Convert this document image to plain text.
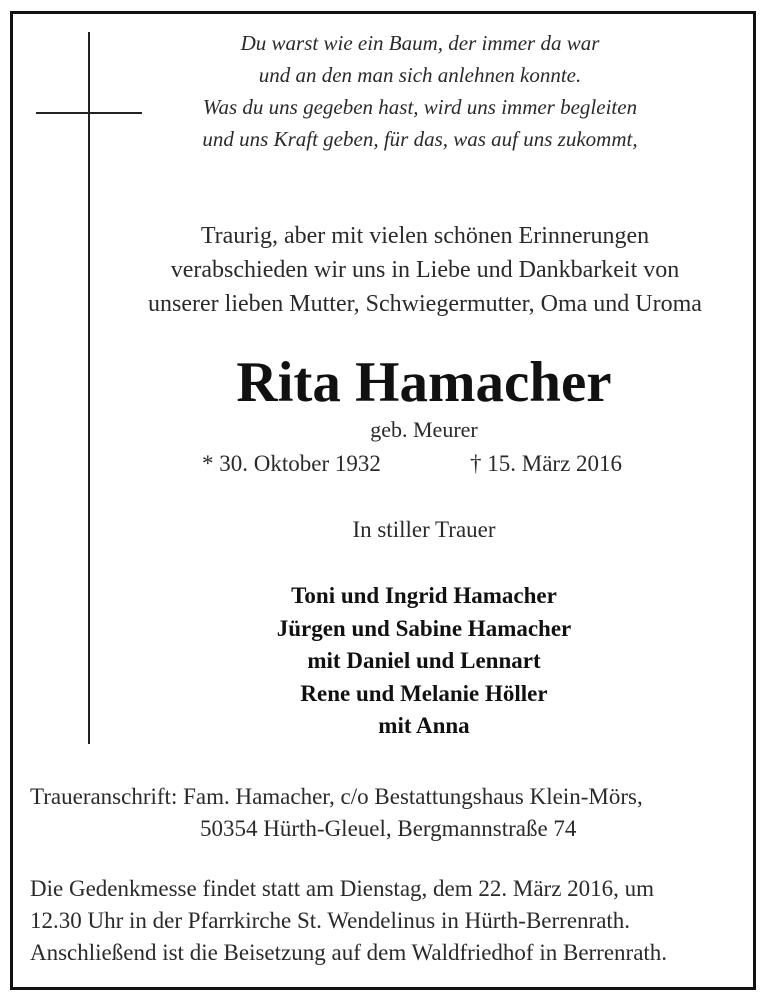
Du warst wie ein Baum, der immer da war
und an den man sich anlehnen konnte.
Was du uns gegeben hast, wird uns immer begleiten
und uns Kraft geben, für das, was auf uns zukommt,
Traurig, aber mit vielen schönen Erinnerungen
verabschieden wir uns in Liebe und Dankbarkeit von
unserer lieben Mutter, Schwiegermutter, Oma und Uroma
Rita Hamacher
geb. Meurer
* 30. Oktober 1932	† 15. März 2016
In stiller Trauer
Toni und Ingrid Hamacher
Jürgen und Sabine Hamacher
mit Daniel und Lennart
Rene und Melanie Höller
mit Anna
Traueranschrift: Fam. Hamacher, c/o Bestattungshaus Klein-Mörs,
50354 Hürth-Gleuel, Bergmannstraße 74
Die Gedenkmesse findet statt am Dienstag, dem 22. März 2016, um
12.30 Uhr in der Pfarrkirche St. Wendelinus in Hürth-Berrenrath.
Anschließend ist die Beisetzung auf dem Waldfriedhof in Berrenrath.
